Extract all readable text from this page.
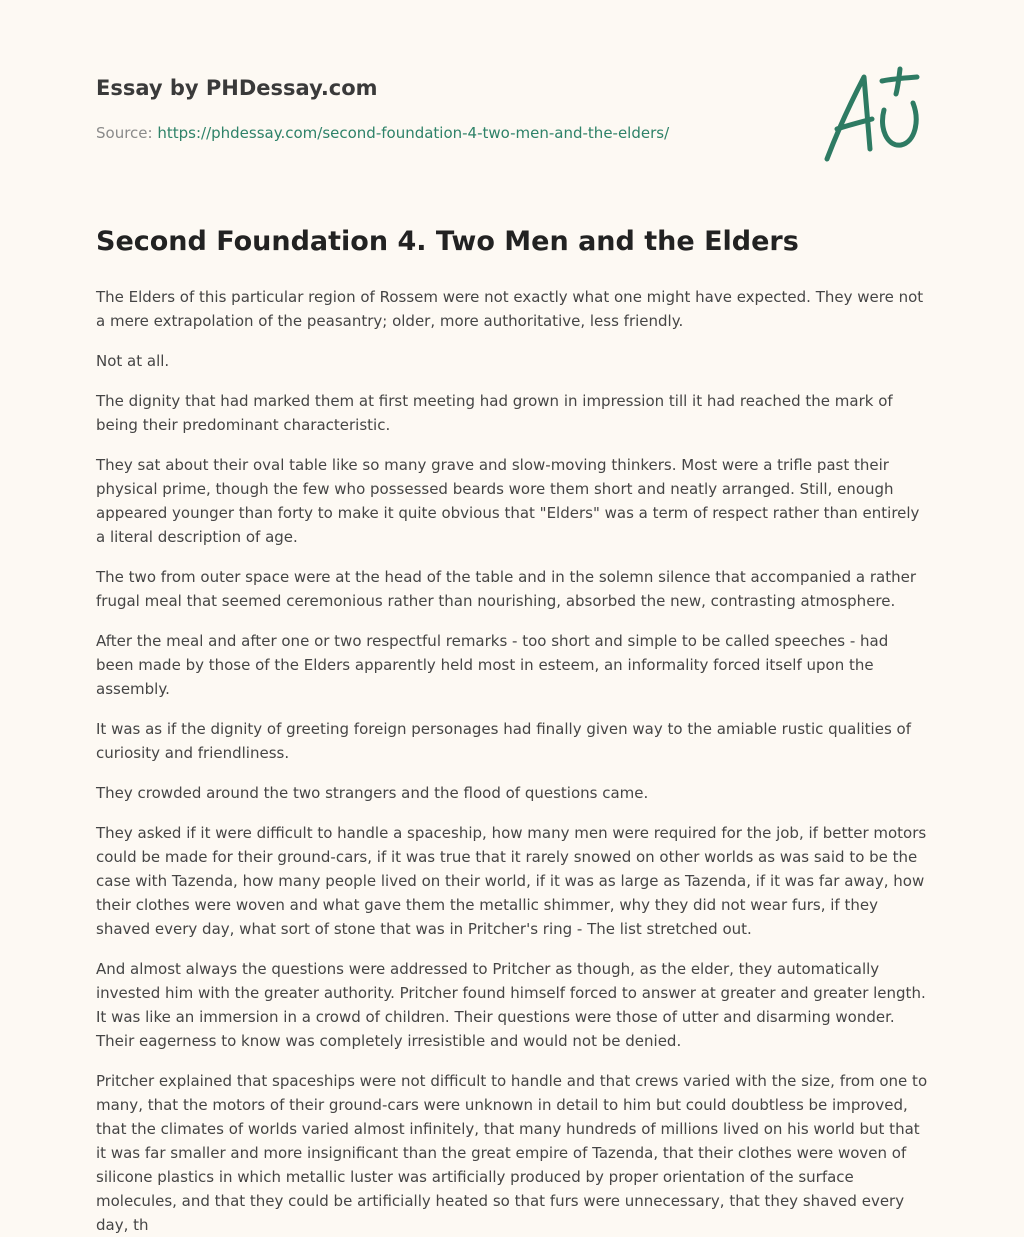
Essay by PHDessay.com
Source: https://phdessay.com/second-foundation-4-two-men-and-the-elders/
Second Foundation 4. Two Men and the Elders

The Elders of this particular region of Rossem were not exactly what one might have expected. They were not a mere extrapolation of the peasantry; older, more authoritative, less friendly.

Not at all.

The dignity that had marked them at first meeting had grown in impression till it had reached the mark of being their predominant characteristic.

They sat about their oval table like so many grave and slow-moving thinkers. Most were a trifle past their physical prime, though the few who possessed beards wore them short and neatly arranged. Still, enough appeared younger than forty to make it quite obvious that "Elders" was a term of respect rather than entirely a literal description of age.

The two from outer space were at the head of the table and in the solemn silence that accompanied a rather frugal meal that seemed ceremonious rather than nourishing, absorbed the new, contrasting atmosphere.

After the meal and after one or two respectful remarks - too short and simple to be called speeches - had been made by those of the Elders apparently held most in esteem, an informality forced itself upon the assembly.

It was as if the dignity of greeting foreign personages had finally given way to the amiable rustic qualities of curiosity and friendliness.

They crowded around the two strangers and the flood of questions came.

They asked if it were difficult to handle a spaceship, how many men were required for the job, if better motors could be made for their ground-cars, if it was true that it rarely snowed on other worlds as was said to be the case with Tazenda, how many people lived on their world, if it was as large as Tazenda, if it was far away, how their clothes were woven and what gave them the metallic shimmer, why they did not wear furs, if they shaved every day, what sort of stone that was in Pritcher's ring - The list stretched out.

And almost always the questions were addressed to Pritcher as though, as the elder, they automatically invested him with the greater authority. Pritcher found himself forced to answer at greater and greater length. It was like an immersion in a crowd of children. Their questions were those of utter and disarming wonder. Their eagerness to know was completely irresistible and would not be denied.

Pritcher explained that spaceships were not difficult to handle and that crews varied with the size, from one to many, that the motors of their ground-cars were unknown in detail to him but could doubtless be improved, that the climates of worlds varied almost infinitely, that many hundreds of millions lived on his world but that it was far smaller and more insignificant than the great empire of Tazenda, that their clothes were woven of silicone plastics in which metallic luster was artificially produced by proper orientation of the surface molecules, and that they could be artificially heated so that furs were unnecessary, that they shaved every day, th
